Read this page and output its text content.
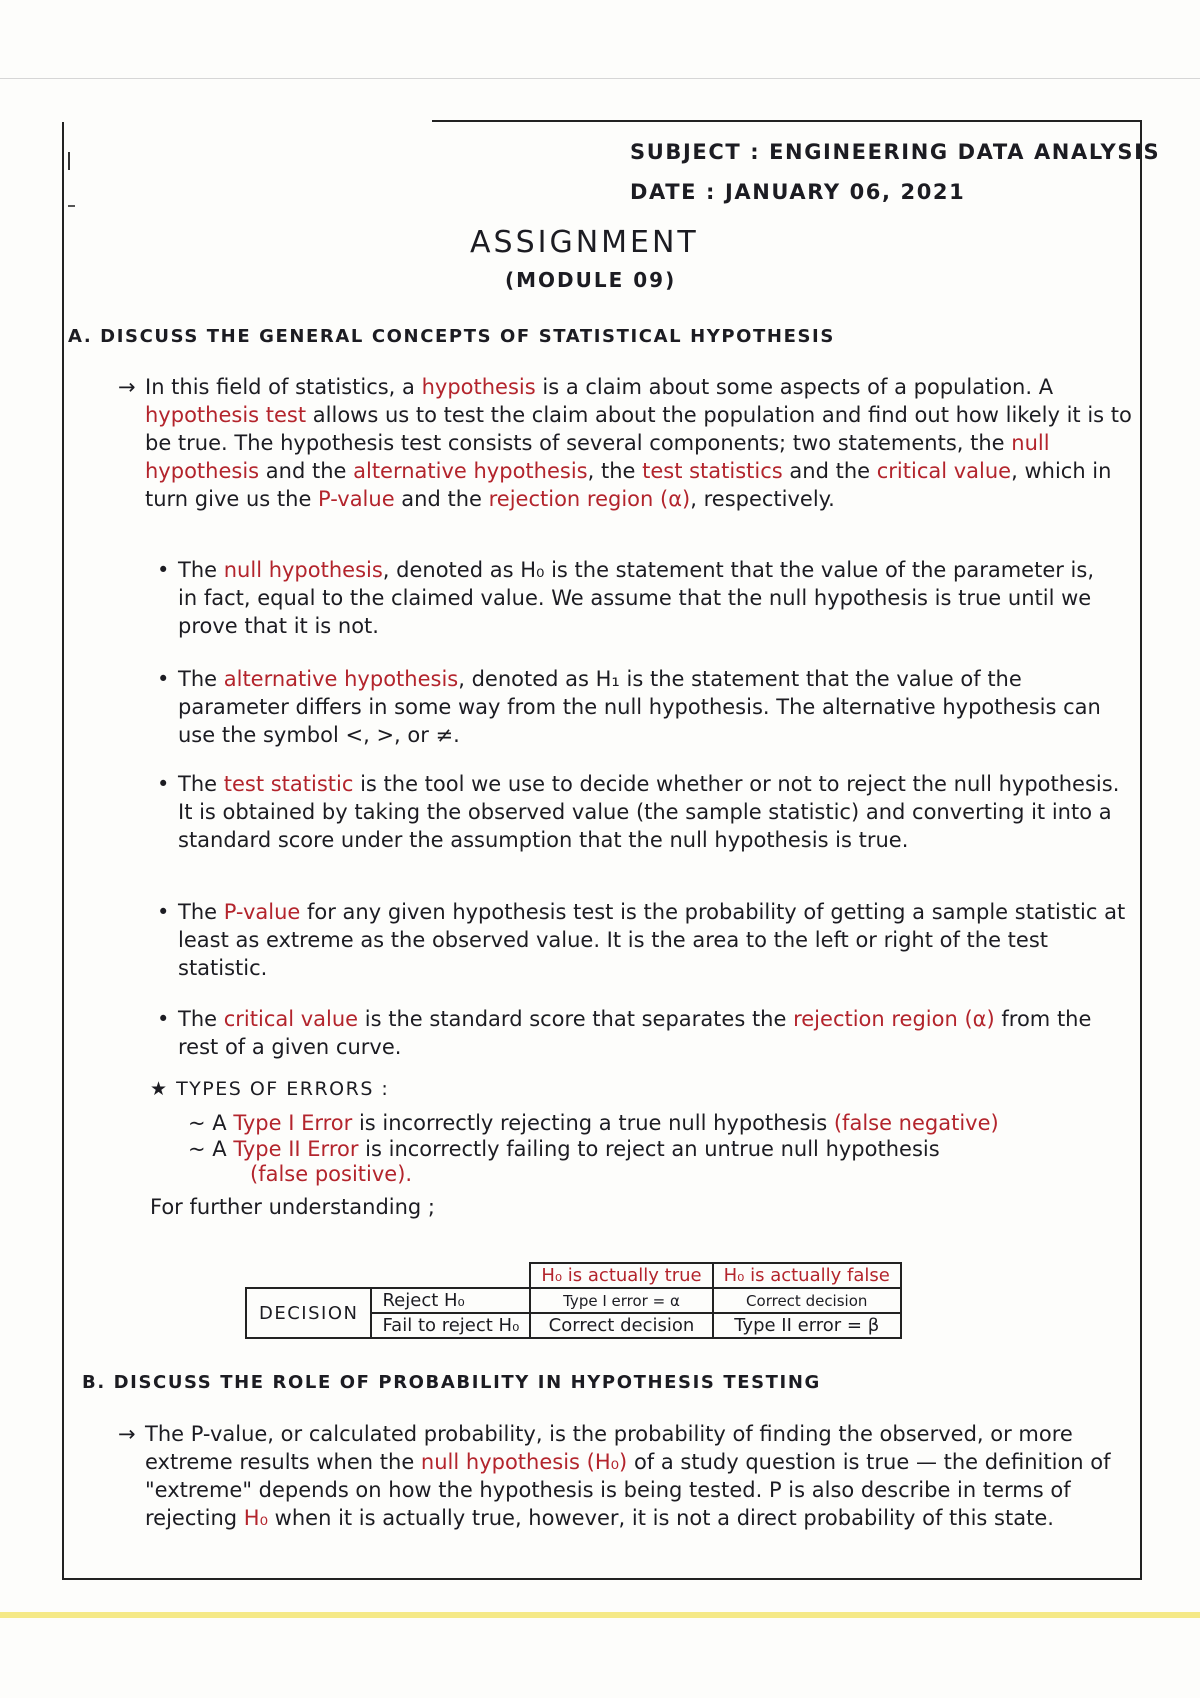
SUBJECT : ENGINEERING DATA ANALYSIS
DATE : JANUARY 06, 2021
ASSIGNMENT
(MODULE 09)
A. DISCUSS THE GENERAL CONCEPTS OF STATISTICAL HYPOTHESIS
→ In this field of statistics, a hypothesis is a claim about some aspects of a population. A hypothesis test allows us to test the claim about the population and find out how likely it is to be true. The hypothesis test consists of several components; two statements, the null hypothesis and the alternative hypothesis, the test statistics and the critical value, which in turn give us the P-value and the rejection region (α), respectively.

• The null hypothesis, denoted as H₀ is the statement that the value of the parameter is, in fact, equal to the claimed value. We assume that the null hypothesis is true until we prove that it is not.

• The alternative hypothesis, denoted as H₁ is the statement that the value of the parameter differs in some way from the null hypothesis. The alternative hypothesis can use the symbol <, >, or ≠.

• The test statistic is the tool we use to decide whether or not to reject the null hypothesis. It is obtained by taking the observed value (the sample statistic) and converting it into a standard score under the assumption that the null hypothesis is true.

• The P-value for any given hypothesis test is the probability of getting a sample statistic at least as extreme as the observed value. It is the area to the left or right of the test statistic.

• The critical value is the standard score that separates the rejection region (α) from the rest of a given curve.

★ TYPES OF ERRORS :
~ A Type I Error is incorrectly rejecting a true null hypothesis (false negative)
~ A Type II Error is incorrectly failing to reject an untrue null hypothesis
(false positive).
For further understanding ;
		H₀ is actually true	H₀ is actually false
DECISION	Reject H₀	Type I error = α	Correct decision
	Fail to reject H₀	Correct decision	Type II error = β
B. DISCUSS THE ROLE OF PROBABILITY IN HYPOTHESIS TESTING
→ The P-value, or calculated probability, is the probability of finding the observed, or more extreme results when the null hypothesis (H₀) of a study question is true — the definition of "extreme" depends on how the hypothesis is being tested. P is also describe in terms of rejecting H₀ when it is actually true, however, it is not a direct probability of this state.
